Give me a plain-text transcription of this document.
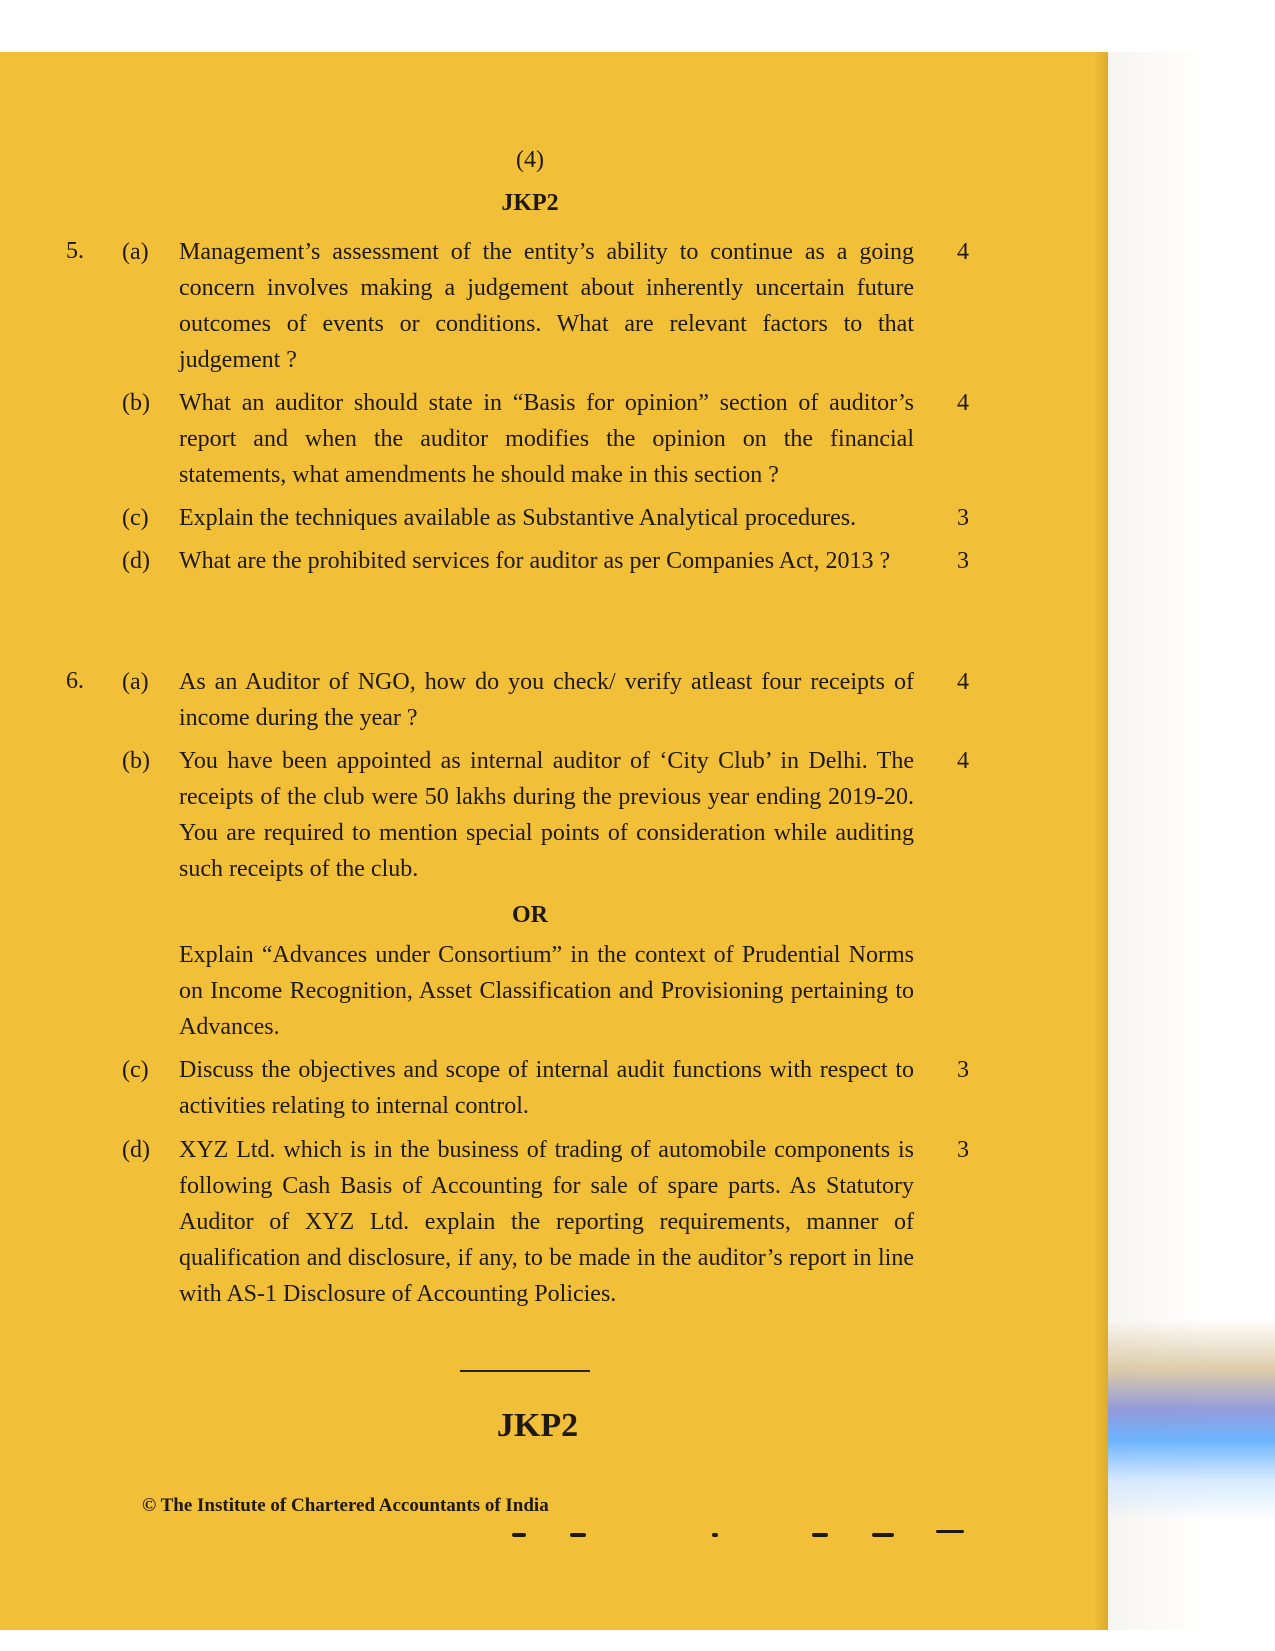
(4)
JKP2
5. (a) Management’s assessment of the entity’s ability to continue as a going concern involves making a judgement about inherently uncertain future outcomes of events or conditions. What are relevant factors to that judgement ?
4
(b) What an auditor should state in “Basis for opinion” section of auditor’s report and when the auditor modifies the opinion on the financial statements, what amendments he should make in this section ?
4
(c) Explain the techniques available as Substantive Analytical procedures.	3
(d) What are the prohibited services for auditor as per Companies Act, 2013 ?	3
6. (a) As an Auditor of NGO, how do you check/ verify atleast four receipts of income during the year ?
4
(b) You have been appointed as internal auditor of ‘City Club’ in Delhi. The receipts of the club were 50 lakhs during the previous year ending 2019-20. You are required to mention special points of consideration while auditing such receipts of the club.
4
OR
Explain “Advances under Consortium” in the context of Prudential Norms on Income Recognition, Asset Classification and Provisioning pertaining to Advances.
(c) Discuss the objectives and scope of internal audit functions with respect to activities relating to internal control.
3
(d) XYZ Ltd. which is in the business of trading of automobile components is following Cash Basis of Accounting for sale of spare parts. As Statutory Auditor of XYZ Ltd. explain the reporting requirements, manner of qualification and disclosure, if any, to be made in the auditor’s report in line with AS-1 Disclosure of Accounting Policies.
3
JKP2
© The Institute of Chartered Accountants of India
